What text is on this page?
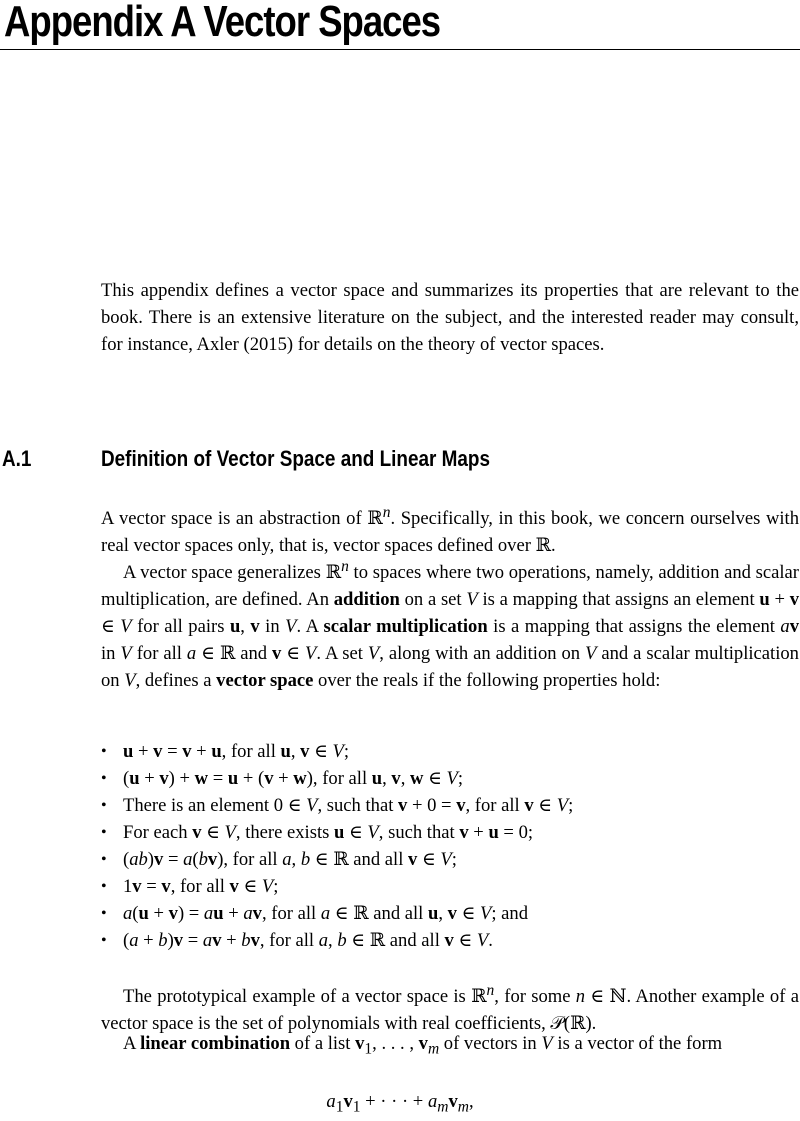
Appendix A Vector Spaces

This appendix defines a vector space and summarizes its properties that are relevant to the book. There is an extensive literature on the subject, and the interested reader may consult, for instance, Axler (2015) for details on the theory of vector spaces.

A.1	Definition of Vector Space and Linear Maps

A vector space is an abstraction of ℝ$^n$. Specifically, in this book, we concern ourselves with real vector spaces only, that is, vector spaces defined over ℝ.

A vector space generalizes ℝ$^n$ to spaces where two operations, namely, addition and scalar multiplication, are defined. An addition on a set V is a mapping that assigns an element u + v ∈ V for all pairs u, v in V. A scalar multiplication is a mapping that assigns the element av in V for all a ∈ ℝ and v ∈ V. A set V, along with an addition on V and a scalar multiplication on V, defines a vector space over the reals if the following properties hold:

• u + v = v + u, for all u, v ∈ V;
• (u + v) + w = u + (v + w), for all u, v, w ∈ V;
• There is an element 0 ∈ V, such that v + 0 = v, for all v ∈ V;
• For each v ∈ V, there exists u ∈ V, such that v + u = 0;
• (ab)v = a(bv), for all a, b ∈ ℝ and all v ∈ V;
• 1v = v, for all v ∈ V;
• a(u + v) = au + av, for all a ∈ ℝ and all u, v ∈ V; and
• (a + b)v = av + bv, for all a, b ∈ ℝ and all v ∈ V.

The prototypical example of a vector space is ℝ$^n$, for some n ∈ ℕ. Another example of a vector space is the set of polynomials with real coefficients, 𝒫(ℝ).

A linear combination of a list $v_1$, . . . , $v_m$ of vectors in V is a vector of the form

$a_1v_1$ + · · · + $a_mv_m$,
